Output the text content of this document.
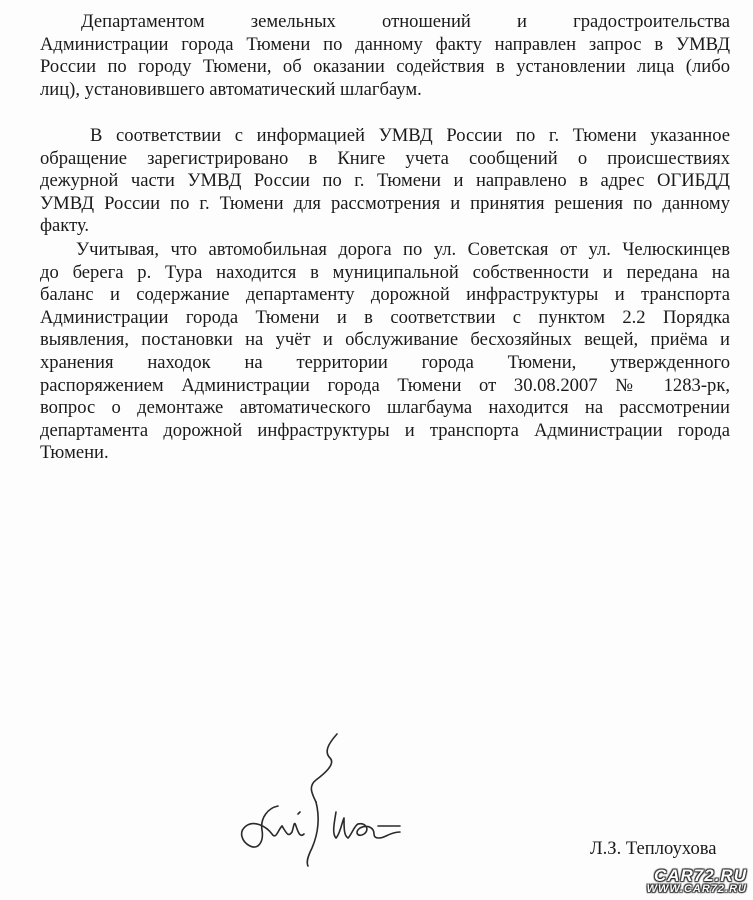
Департаментом земельных отношений и градостроительства
Администрации города Тюмени по данному факту направлен запрос в УМВД
России по городу Тюмени, об оказании содействия в установлении лица (либо
лиц), установившего автоматический шлагбаум.
В соответствии с информацией УМВД России по г. Тюмени указанное
обращение зарегистрировано в Книге учета сообщений о происшествиях
дежурной части УМВД России по г. Тюмени и направлено в адрес ОГИБДД
УМВД России по г. Тюмени для рассмотрения и принятия решения по данному
факту.
Учитывая, что автомобильная дорога по ул. Советская от ул. Челюскинцев
до берега р. Тура находится в муниципальной собственности и передана на
баланс и содержание департаменту дорожной инфраструктуры и транспорта
Администрации города Тюмени и в соответствии с пунктом 2.2 Порядка
выявления, постановки на учёт и обслуживание бесхозяйных вещей, приёма и
хранения находок на территории города Тюмени, утвержденного
распоряжением Администрации города Тюмени от 30.08.2007 № 1283-рк,
вопрос о демонтаже автоматического шлагбаума находится на рассмотрении
департамента дорожной инфраструктуры и транспорта Администрации города
Тюмени.
Л.З. Теплоухова
CAR72.RU
WWW.CAR72.RU
